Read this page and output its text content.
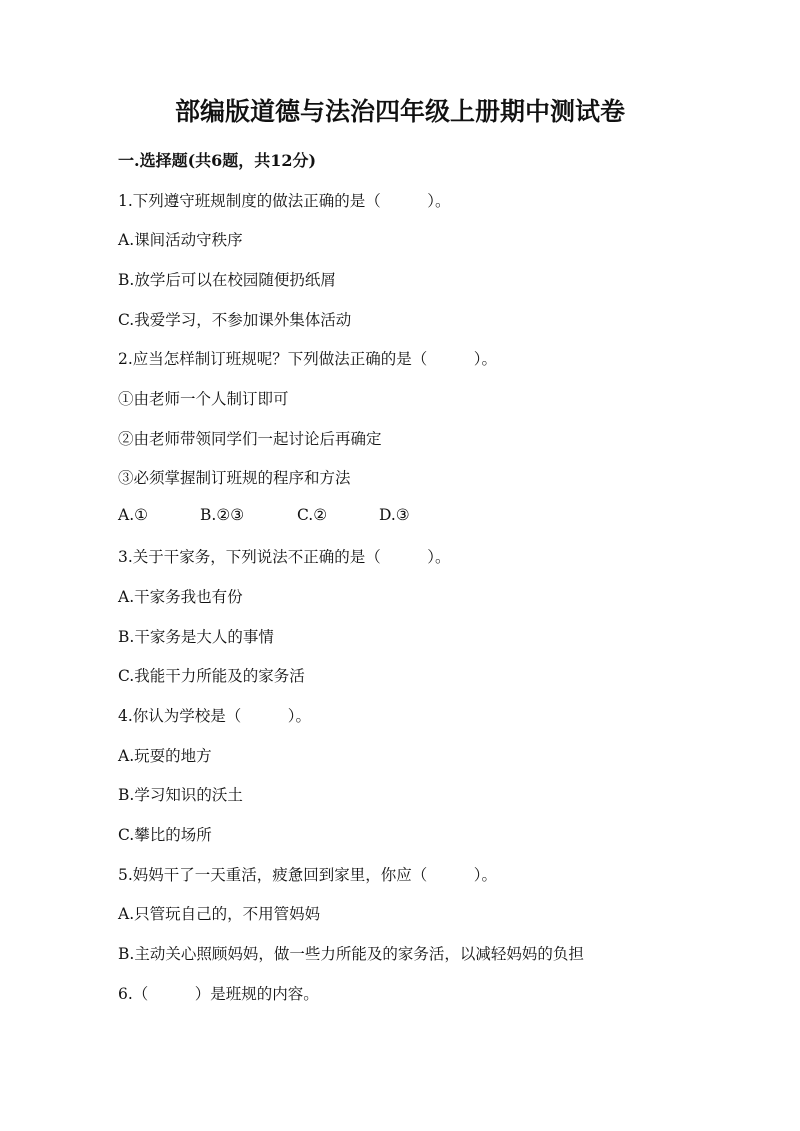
部编版道德与法治四年级上册期中测试卷
一.选择题(共6题，共12分)
1.下列遵守班规制度的做法正确的是（　　　）。
A.课间活动守秩序
B.放学后可以在校园随便扔纸屑
C.我爱学习，不参加课外集体活动
2.应当怎样制订班规呢？下列做法正确的是（　　　）。
①由老师一个人制订即可
②由老师带领同学们一起讨论后再确定
③必须掌握制订班规的程序和方法
A.①	B.②③	C.②	D.③
3.关于干家务，下列说法不正确的是（　　　）。
A.干家务我也有份
B.干家务是大人的事情
C.我能干力所能及的家务活
4.你认为学校是（　　　）。
A.玩耍的地方
B.学习知识的沃土
C.攀比的场所
5.妈妈干了一天重活，疲惫回到家里，你应（　　　）。
A.只管玩自己的，不用管妈妈
B.主动关心照顾妈妈，做一些力所能及的家务活，以减轻妈妈的负担
6.（　　　）是班规的内容。
